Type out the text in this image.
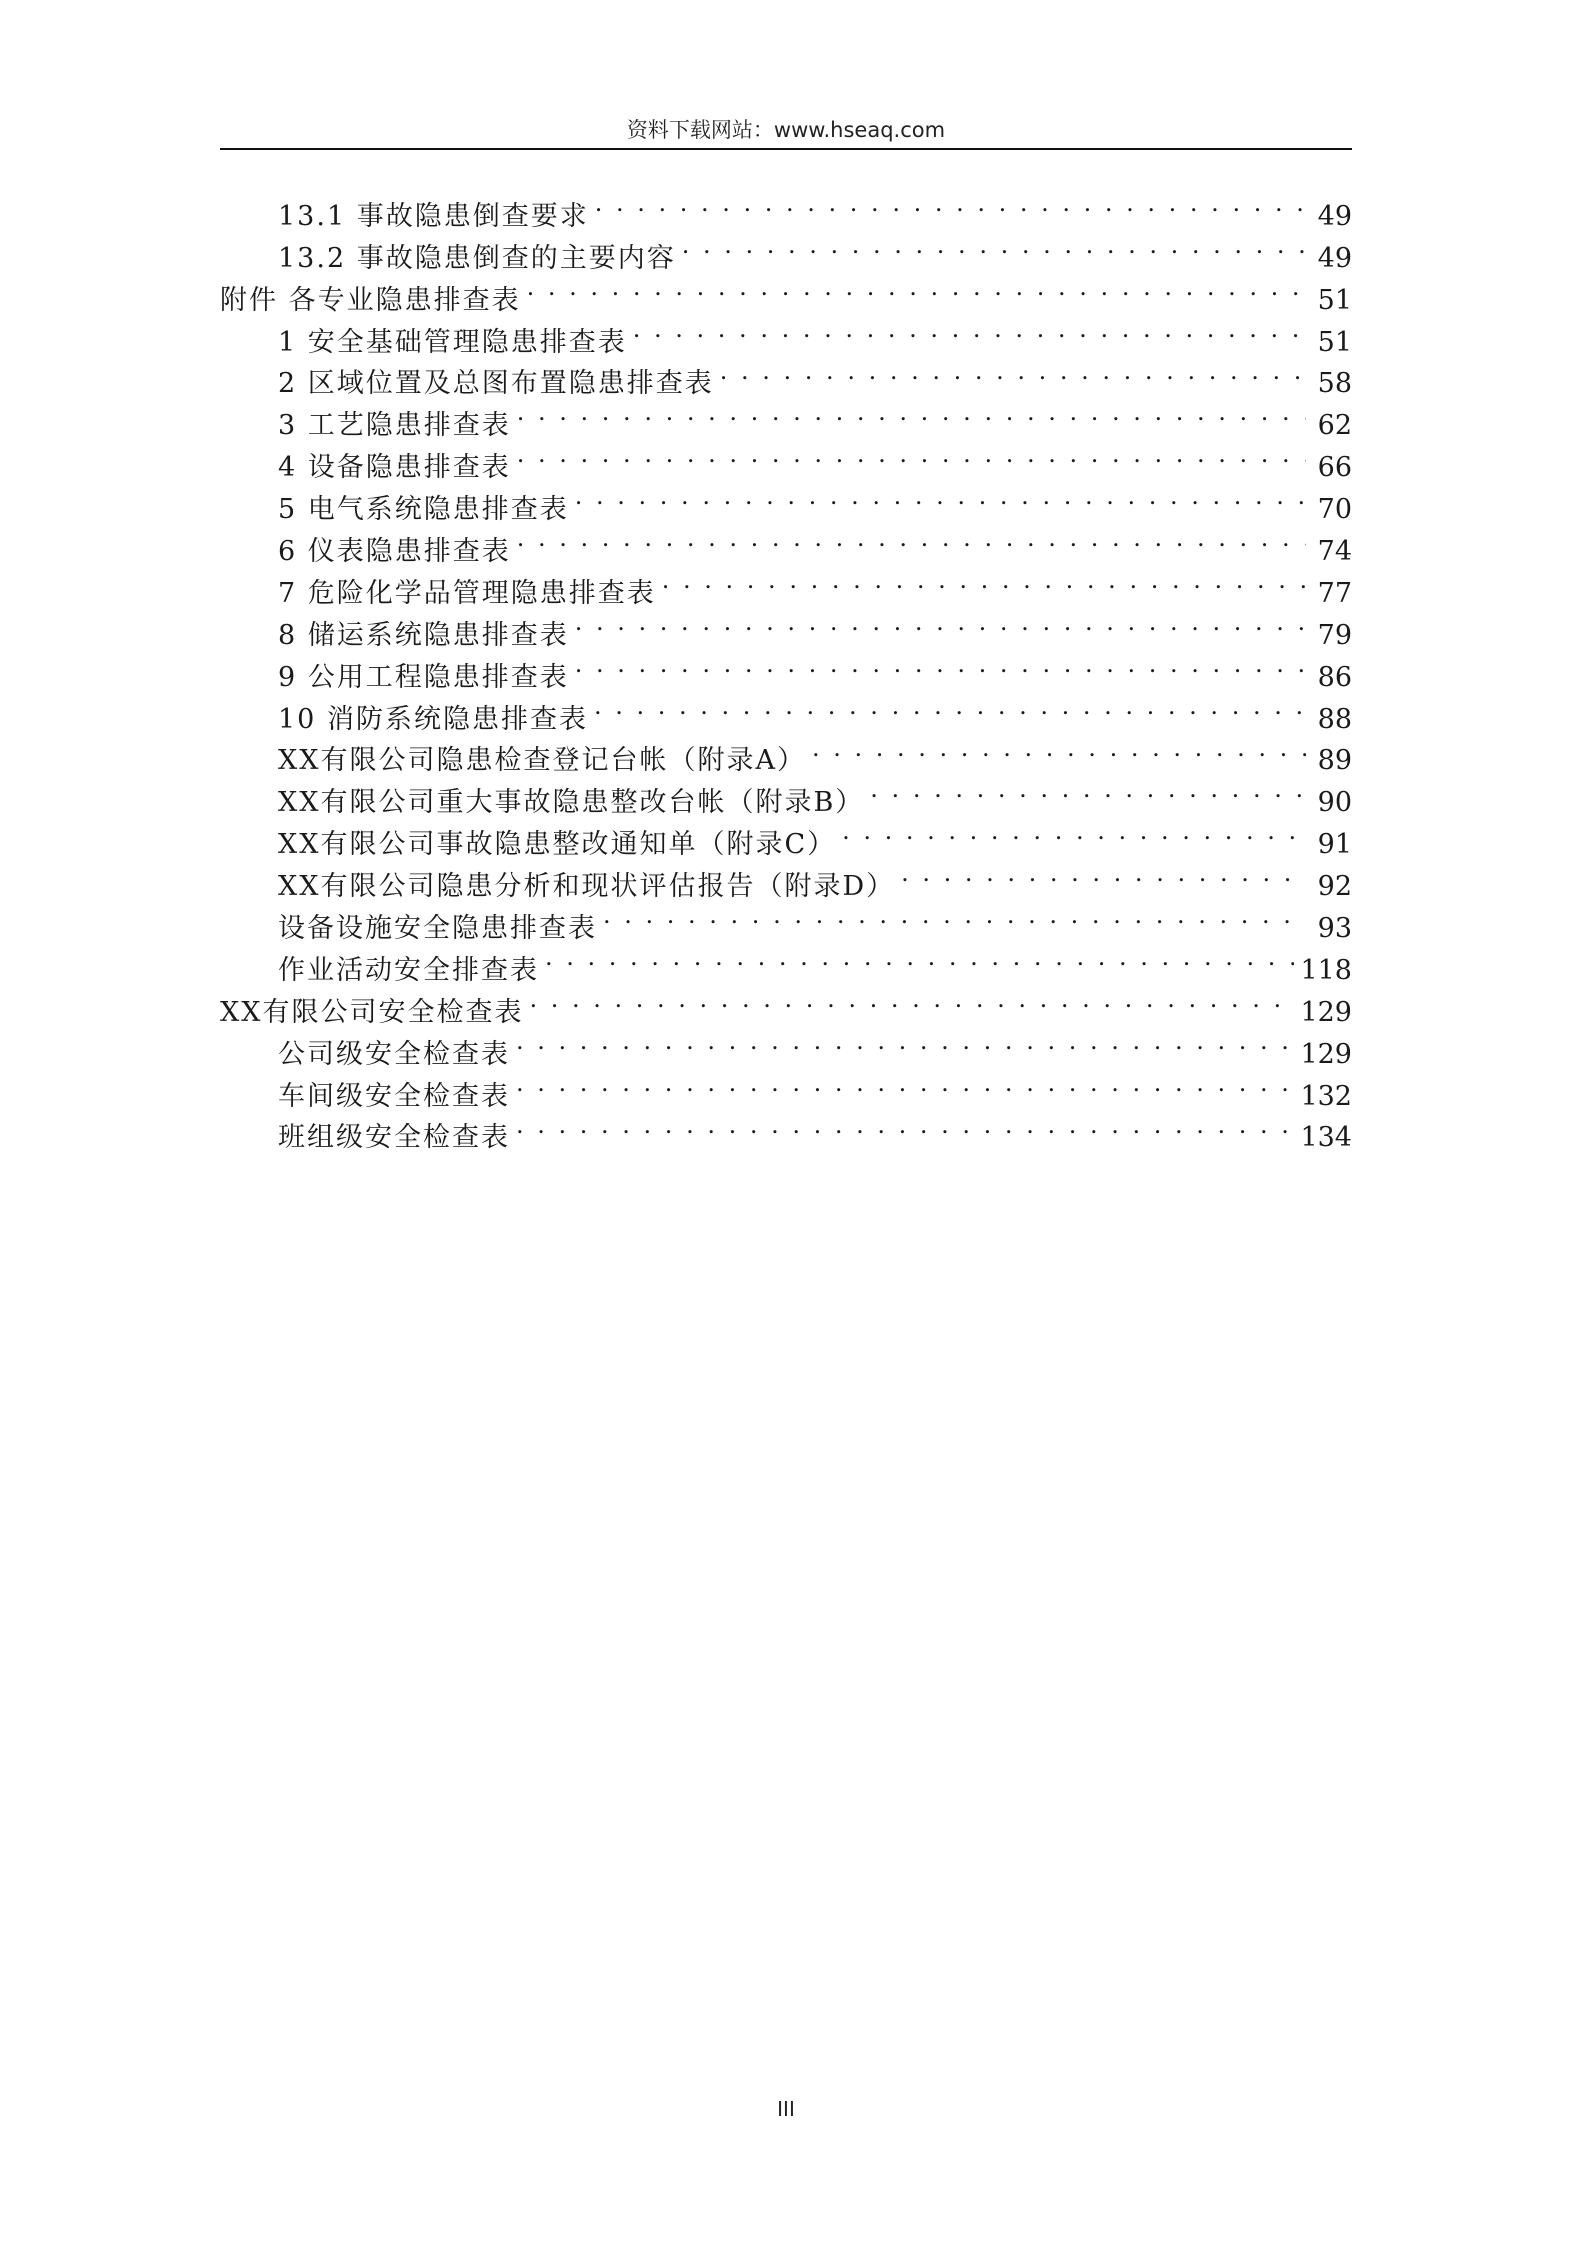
资料下载网站：www.hseaq.com
13.1 事故隐患倒查要求 . . .	49
13.2 事故隐患倒查的主要内容 . . .	49
附件 各专业隐患排查表 . . .	51
1 安全基础管理隐患排查表 . . .	51
2 区域位置及总图布置隐患排查表 . . .	58
3 工艺隐患排查表 . . .	62
4 设备隐患排查表 . . .	66
5 电气系统隐患排查表 . . .	70
6 仪表隐患排查表 . . .	74
7 危险化学品管理隐患排查表 . . .	77
8 储运系统隐患排查表 . . .	79
9 公用工程隐患排查表 . . .	86
10 消防系统隐患排查表 . . .	88
XX有限公司隐患检查登记台帐（附录A） . . .	89
XX有限公司重大事故隐患整改台帐（附录B） . . .	90
XX有限公司事故隐患整改通知单（附录C） . . .	91
XX有限公司隐患分析和现状评估报告（附录D） . . .	92
设备设施安全隐患排查表 . . .	93
作业活动安全排查表 . . .	118
XX有限公司安全检查表 . . .	129
公司级安全检查表 . . .	129
车间级安全检查表 . . .	132
班组级安全检查表 . . .	134
III
